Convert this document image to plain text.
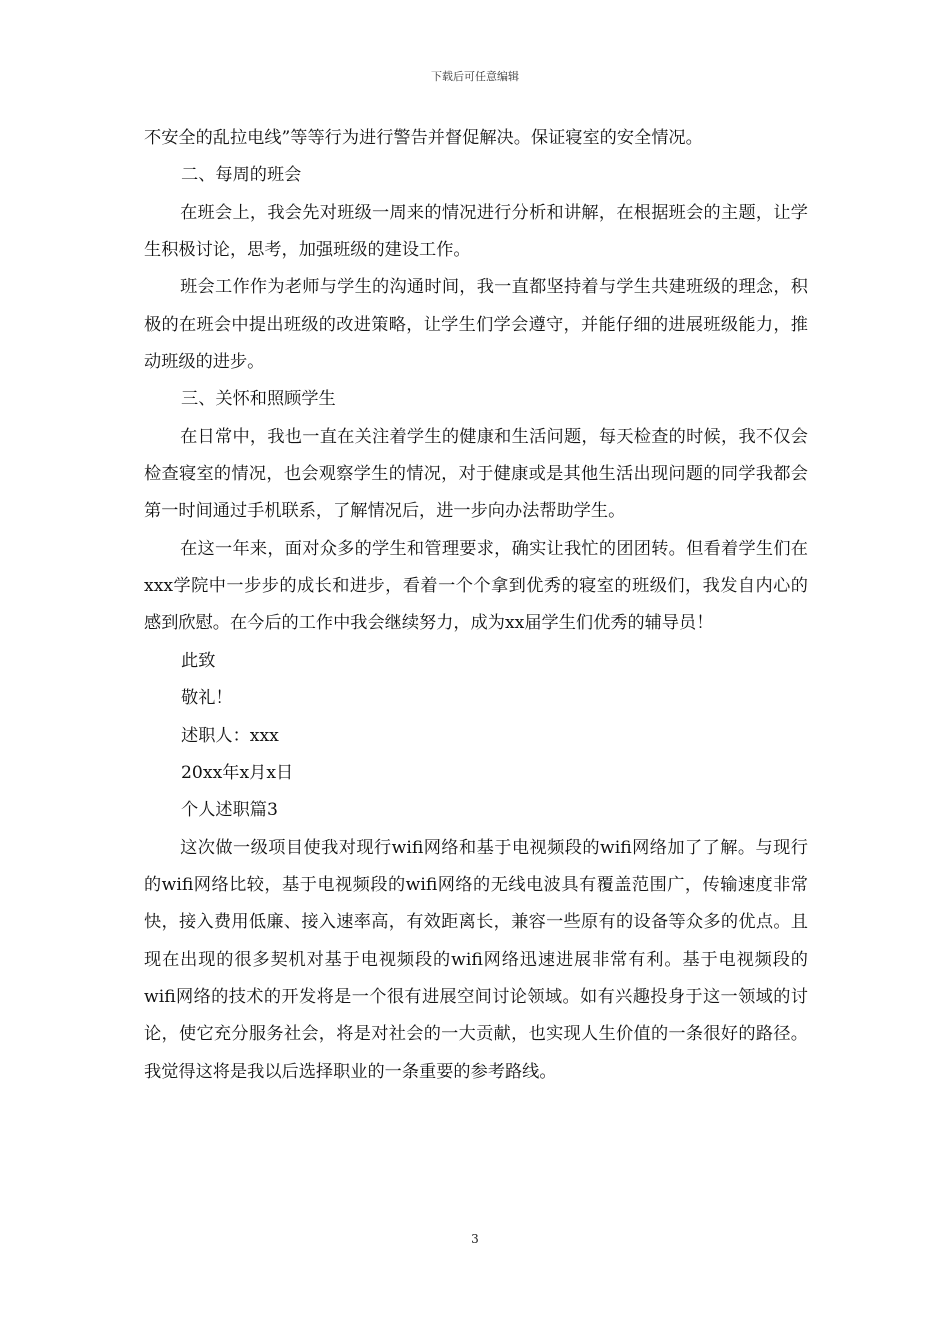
下载后可任意编辑

不安全的乱拉电线”等等行为进行警告并督促解决。保证寝室的安全情况。

二、每周的班会

在班会上，我会先对班级一周来的情况进行分析和讲解，在根据班会的主题，让学生积极讨论，思考，加强班级的建设工作。

班会工作作为老师与学生的沟通时间，我一直都坚持着与学生共建班级的理念，积极的在班会中提出班级的改进策略，让学生们学会遵守，并能仔细的进展班级能力，推动班级的进步。

三、关怀和照顾学生

在日常中，我也一直在关注着学生的健康和生活问题，每天检查的时候，我不仅会检查寝室的情况，也会观察学生的情况，对于健康或是其他生活出现问题的同学我都会第一时间通过手机联系，了解情况后，进一步向办法帮助学生。

在这一年来，面对众多的学生和管理要求，确实让我忙的团团转。但看着学生们在xxx学院中一步步的成长和进步，看着一个个拿到优秀的寝室的班级们，我发自内心的感到欣慰。在今后的工作中我会继续努力，成为xx届学生们优秀的辅导员！

此致

敬礼！

述职人：xxx

20xx年x月x日

个人述职篇3

这次做一级项目使我对现行wifi网络和基于电视频段的wifi网络加了了解。与现行的wifi网络比较，基于电视频段的wifi网络的无线电波具有覆盖范围广，传输速度非常快，接入费用低廉、接入速率高，有效距离长，兼容一些原有的设备等众多的优点。且现在出现的很多契机对基于电视频段的wifi网络迅速进展非常有利。基于电视频段的wifi网络的技术的开发将是一个很有进展空间讨论领域。如有兴趣投身于这一领域的讨论，使它充分服务社会，将是对社会的一大贡献，也实现人生价值的一条很好的路径。我觉得这将是我以后选择职业的一条重要的参考路线。

3
